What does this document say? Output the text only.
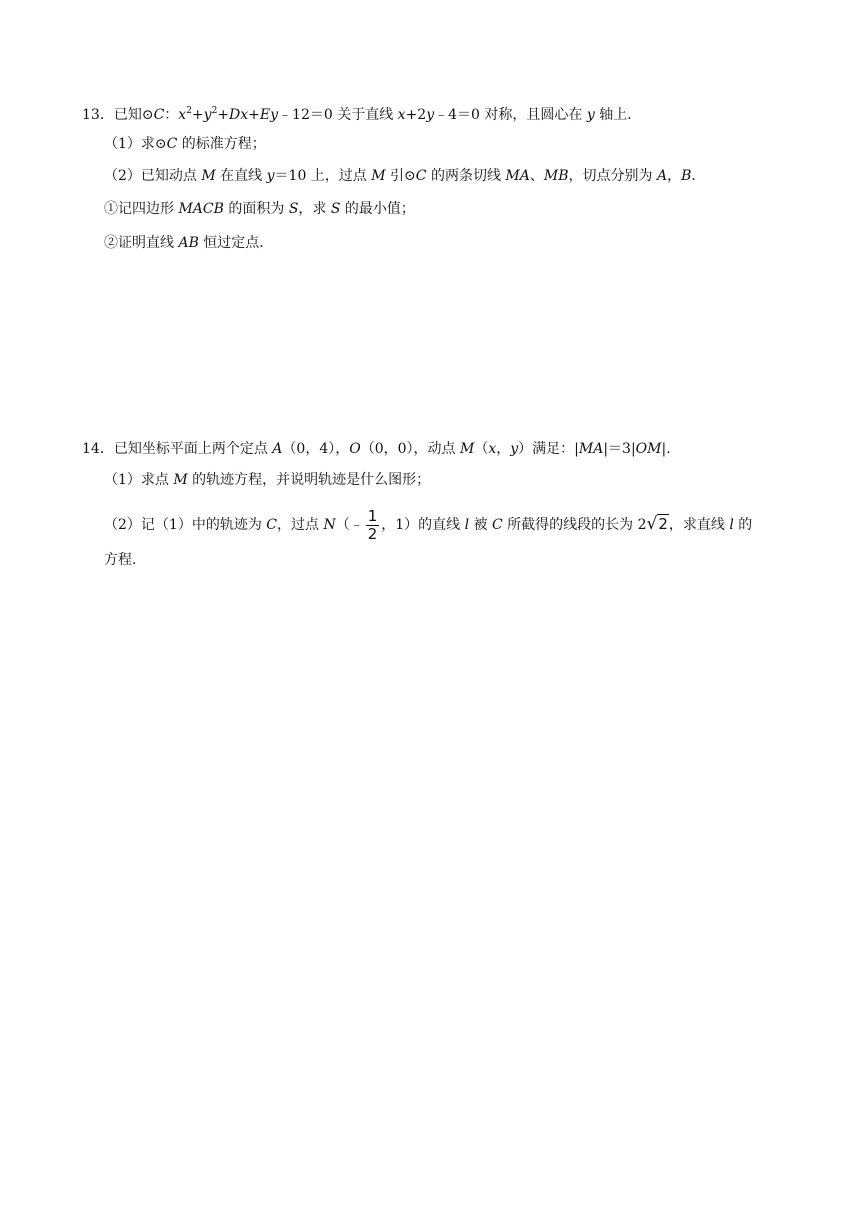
13．已知⊙C：$x^2+y^2+Dx+Ey﹣12=0$ 关于直线 x+2y﹣4＝0 对称，且圆心在 y 轴上．
（1）求⊙C 的标准方程；
（2）已知动点 M 在直线 y＝10 上，过点 M 引⊙C 的两条切线 MA、MB，切点分别为 A，B．
①记四边形 MACB 的面积为 S，求 S 的最小值；
②证明直线 AB 恒过定点．
14．已知坐标平面上两个定点 A（0，4），O（0，0），动点 M（x，y）满足：|MA|＝3|OM|.
（1）求点 M 的轨迹方程，并说明轨迹是什么图形；
（2）记（1）中的轨迹为 C，过点 N（﹣ $\frac{1}{2}$ ，1）的直线 l 被 C 所截得的线段的长为 2√2，求直线 l 的
方程．
